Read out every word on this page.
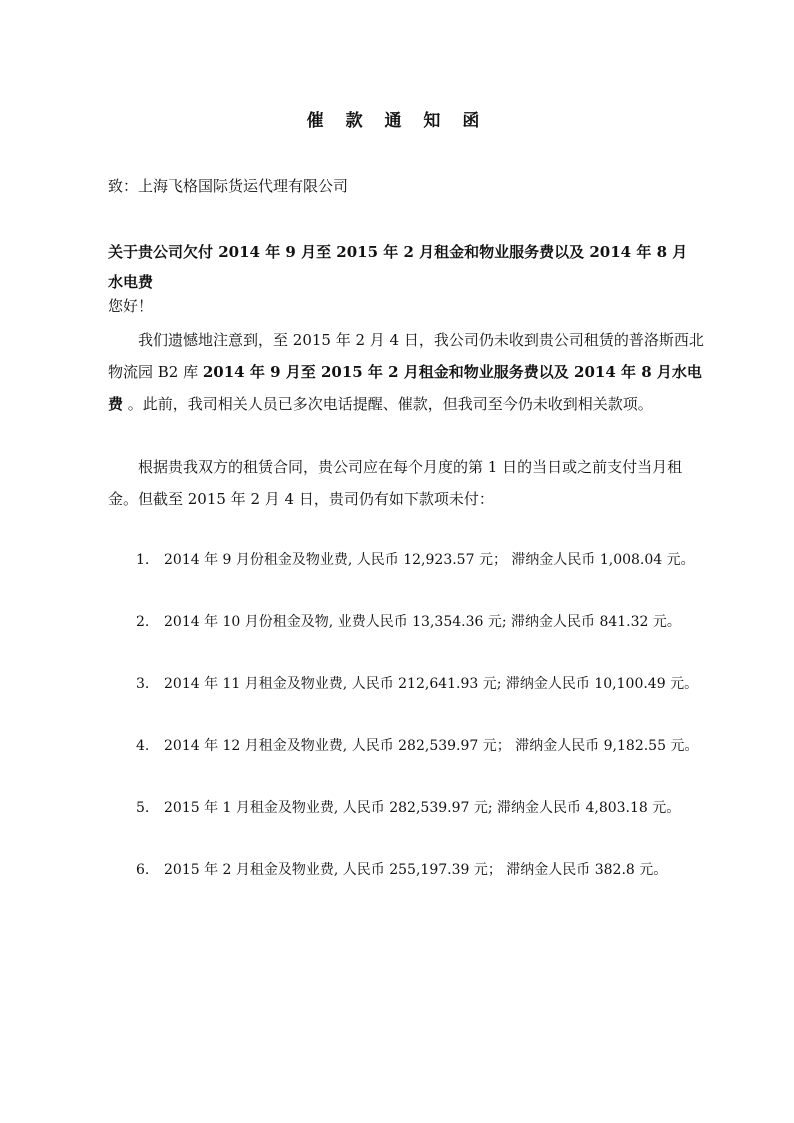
催 款 通 知 函
致：上海飞格国际货运代理有限公司
关于贵公司欠付 2014 年 9 月至 2015 年 2 月租金和物业服务费以及 2014 年 8 月水电费
您好！
我们遗憾地注意到，至 2015 年 2 月 4 日，我公司仍未收到贵公司租赁的普洛斯西北物流园 B2 库 2014 年 9 月至 2015 年 2 月租金和物业服务费以及 2014 年 8 月水电费 。此前，我司相关人员已多次电话提醒、催款，但我司至今仍未收到相关款项。
根据贵我双方的租赁合同，贵公司应在每个月度的第 1 日的当日或之前支付当月租金。但截至 2015 年 2 月 4 日，贵司仍有如下款项未付：
1. 2014 年 9 月份租金及物业费, 人民币 12,923.57 元； 滞纳金人民币 1,008.04 元。
2. 2014 年 10 月份租金及物, 业费人民币 13,354.36 元; 滞纳金人民币 841.32 元。
3. 2014 年 11 月租金及物业费, 人民币 212,641.93 元; 滞纳金人民币 10,100.49 元。
4. 2014 年 12 月租金及物业费, 人民币 282,539.97 元； 滞纳金人民币 9,182.55 元。
5. 2015 年 1 月租金及物业费, 人民币 282,539.97 元; 滞纳金人民币 4,803.18 元。
6. 2015 年 2 月租金及物业费, 人民币 255,197.39 元； 滞纳金人民币 382.8 元。
